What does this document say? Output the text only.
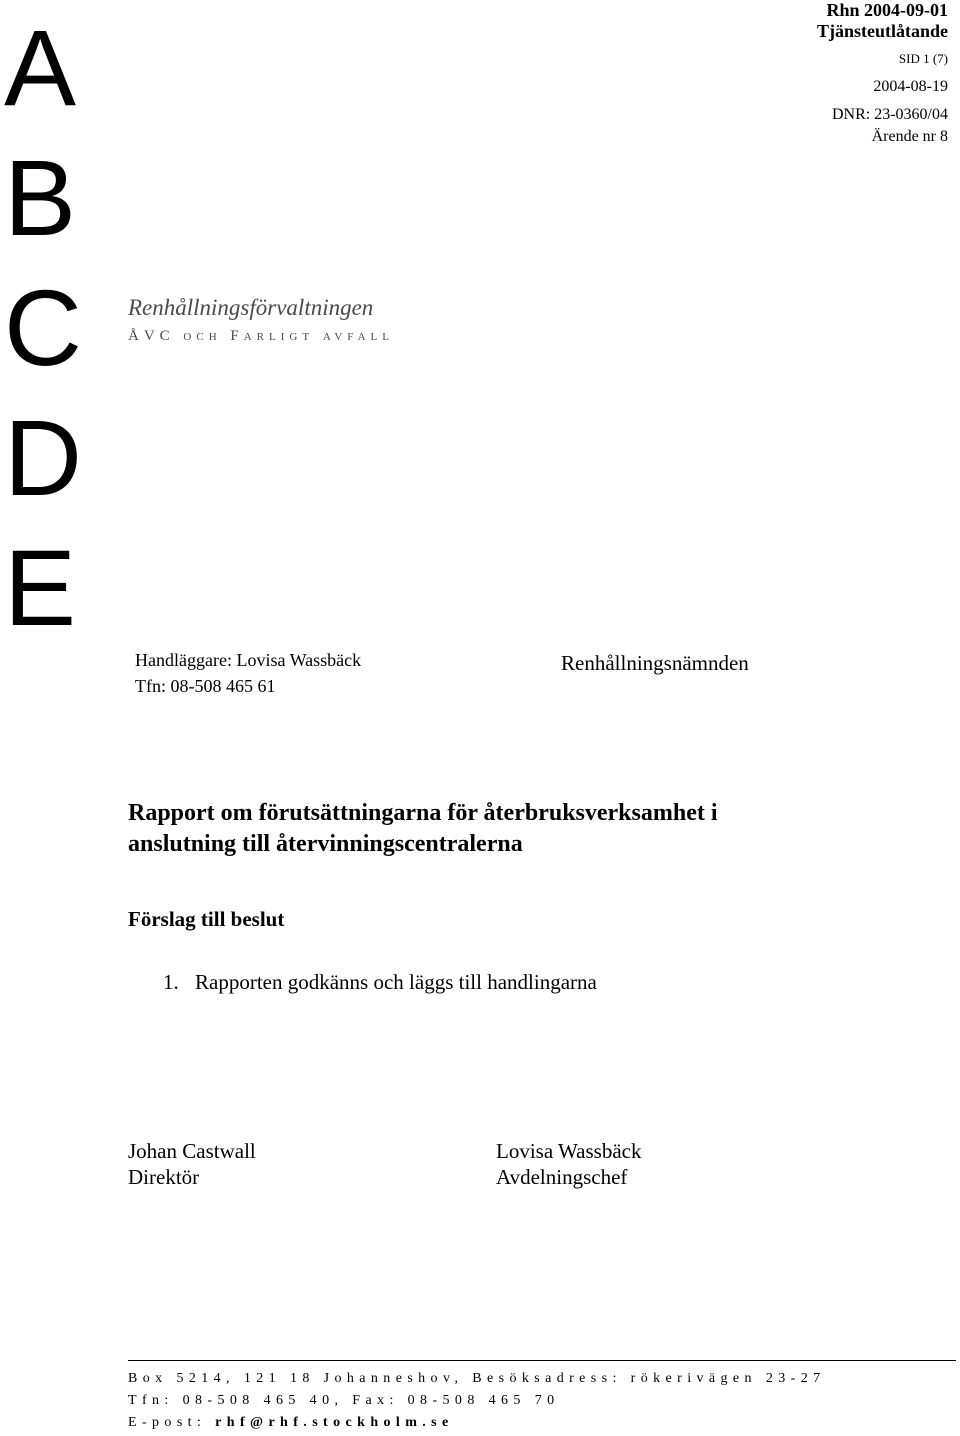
A
B
C
D
E
Rhn 2004-09-01
Tjänsteutlåtande
SID 1 (7)
2004-08-19
DNR: 23-0360/04
Ärende nr 8
Renhållningsförvaltningen
ÅVC och Farligt avfall
Handläggare: Lovisa Wassbäck
Tfn: 08-508 465 61
Renhållningsnämnden
Rapport om förutsättningarna för återbruksverksamhet i
anslutning till återvinningscentralerna
Förslag till beslut
1. Rapporten godkänns och läggs till handlingarna
Johan Castwall
Direktör
Lovisa Wassbäck
Avdelningschef
Box 5214, 121 18 Johanneshov, Besöksadress: rökerivägen 23-27
Tfn: 08-508 465 40, Fax: 08-508 465 70
E-post: rhf@rhf.stockholm.se
